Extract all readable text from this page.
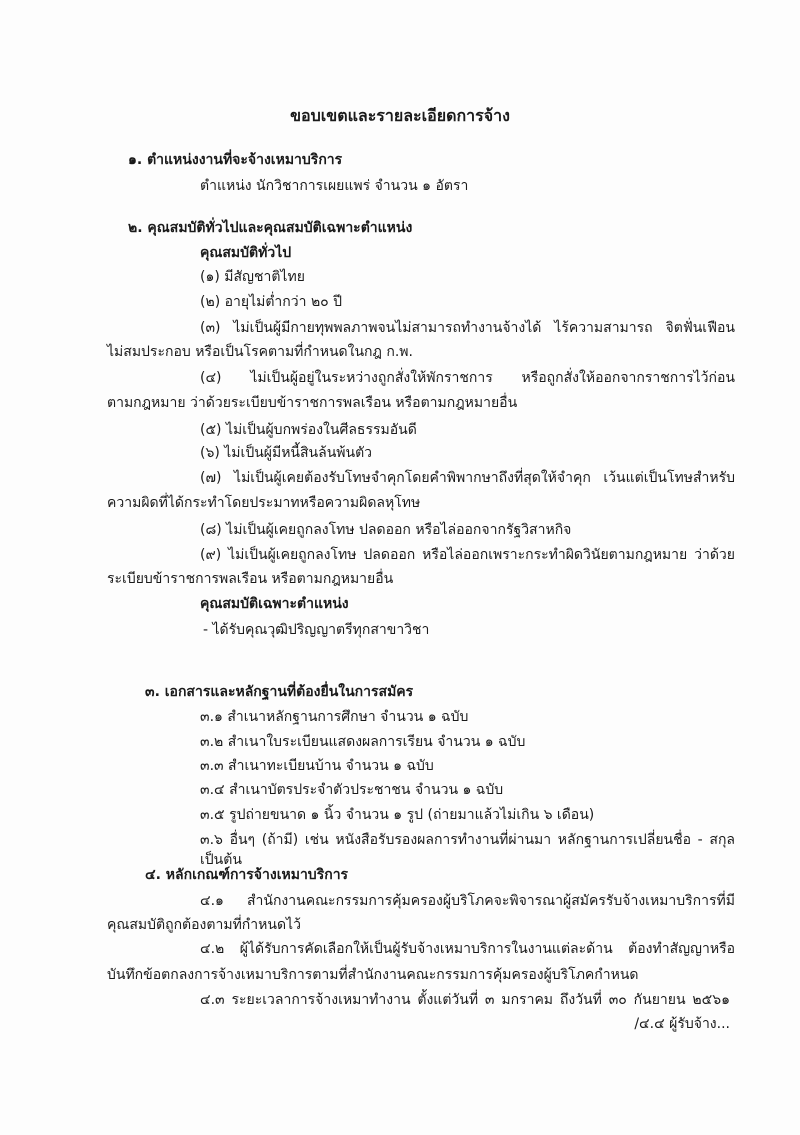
ขอบเขตและรายละเอียดการจ้าง
๑. ตำแหน่งงานที่จะจ้างเหมาบริการ
ตำแหน่ง นักวิชาการเผยแพร่ จำนวน ๑ อัตรา
๒. คุณสมบัติทั่วไปและคุณสมบัติเฉพาะตำแหน่ง
คุณสมบัติทั่วไป
(๑) มีสัญชาติไทย
(๒) อายุไม่ต่ำกว่า ๒๐ ปี
(๓) ไม่เป็นผู้มีกายทุพพลภาพจนไม่สามารถทำงานจ้างได้ ไร้ความสามารถ จิตฟั่นเฟือน
ไม่สมประกอบ หรือเป็นโรคตามที่กำหนดในกฎ ก.พ.
(๔) ไม่เป็นผู้อยู่ในระหว่างถูกสั่งให้พักราชการ หรือถูกสั่งให้ออกจากราชการไว้ก่อน
ตามกฎหมาย ว่าด้วยระเบียบข้าราชการพลเรือน หรือตามกฎหมายอื่น
(๕) ไม่เป็นผู้บกพร่องในศีลธรรมอันดี
(๖) ไม่เป็นผู้มีหนี้สินล้นพ้นตัว
(๗) ไม่เป็นผู้เคยต้องรับโทษจำคุกโดยคำพิพากษาถึงที่สุดให้จำคุก เว้นแต่เป็นโทษสำหรับ
ความผิดที่ได้กระทำโดยประมาทหรือความผิดลหุโทษ
(๘) ไม่เป็นผู้เคยถูกลงโทษ ปลดออก หรือไล่ออกจากรัฐวิสาหกิจ
(๙) ไม่เป็นผู้เคยถูกลงโทษ ปลดออก หรือไล่ออกเพราะกระทำผิดวินัยตามกฎหมาย ว่าด้วย
ระเบียบข้าราชการพลเรือน หรือตามกฎหมายอื่น
คุณสมบัติเฉพาะตำแหน่ง
- ได้รับคุณวุฒิปริญญาตรีทุกสาขาวิชา
๓. เอกสารและหลักฐานที่ต้องยื่นในการสมัคร
๓.๑ สำเนาหลักฐานการศึกษา จำนวน ๑ ฉบับ
๓.๒ สำเนาใบระเบียนแสดงผลการเรียน จำนวน ๑ ฉบับ
๓.๓ สำเนาทะเบียนบ้าน จำนวน ๑ ฉบับ
๓.๔ สำเนาบัตรประจำตัวประชาชน จำนวน ๑ ฉบับ
๓.๕ รูปถ่ายขนาด ๑ นิ้ว จำนวน ๑ รูป (ถ่ายมาแล้วไม่เกิน ๖ เดือน)
๓.๖ อื่นๆ (ถ้ามี) เช่น หนังสือรับรองผลการทำงานที่ผ่านมา หลักฐานการเปลี่ยนชื่อ - สกุล เป็นต้น
๔. หลักเกณฑ์การจ้างเหมาบริการ
๔.๑ สำนักงานคณะกรรมการคุ้มครองผู้บริโภคจะพิจารณาผู้สมัครรับจ้างเหมาบริการที่มี
คุณสมบัติถูกต้องตามที่กำหนดไว้
๔.๒ ผู้ได้รับการคัดเลือกให้เป็นผู้รับจ้างเหมาบริการในงานแต่ละด้าน ต้องทำสัญญาหรือ
บันทึกข้อตกลงการจ้างเหมาบริการตามที่สำนักงานคณะกรรมการคุ้มครองผู้บริโภคกำหนด
๔.๓ ระยะเวลาการจ้างเหมาทำงาน ตั้งแต่วันที่ ๓ มกราคม ถึงวันที่ ๓๐ กันยายน ๒๕๖๑
/๔.๔ ผู้รับจ้าง...
